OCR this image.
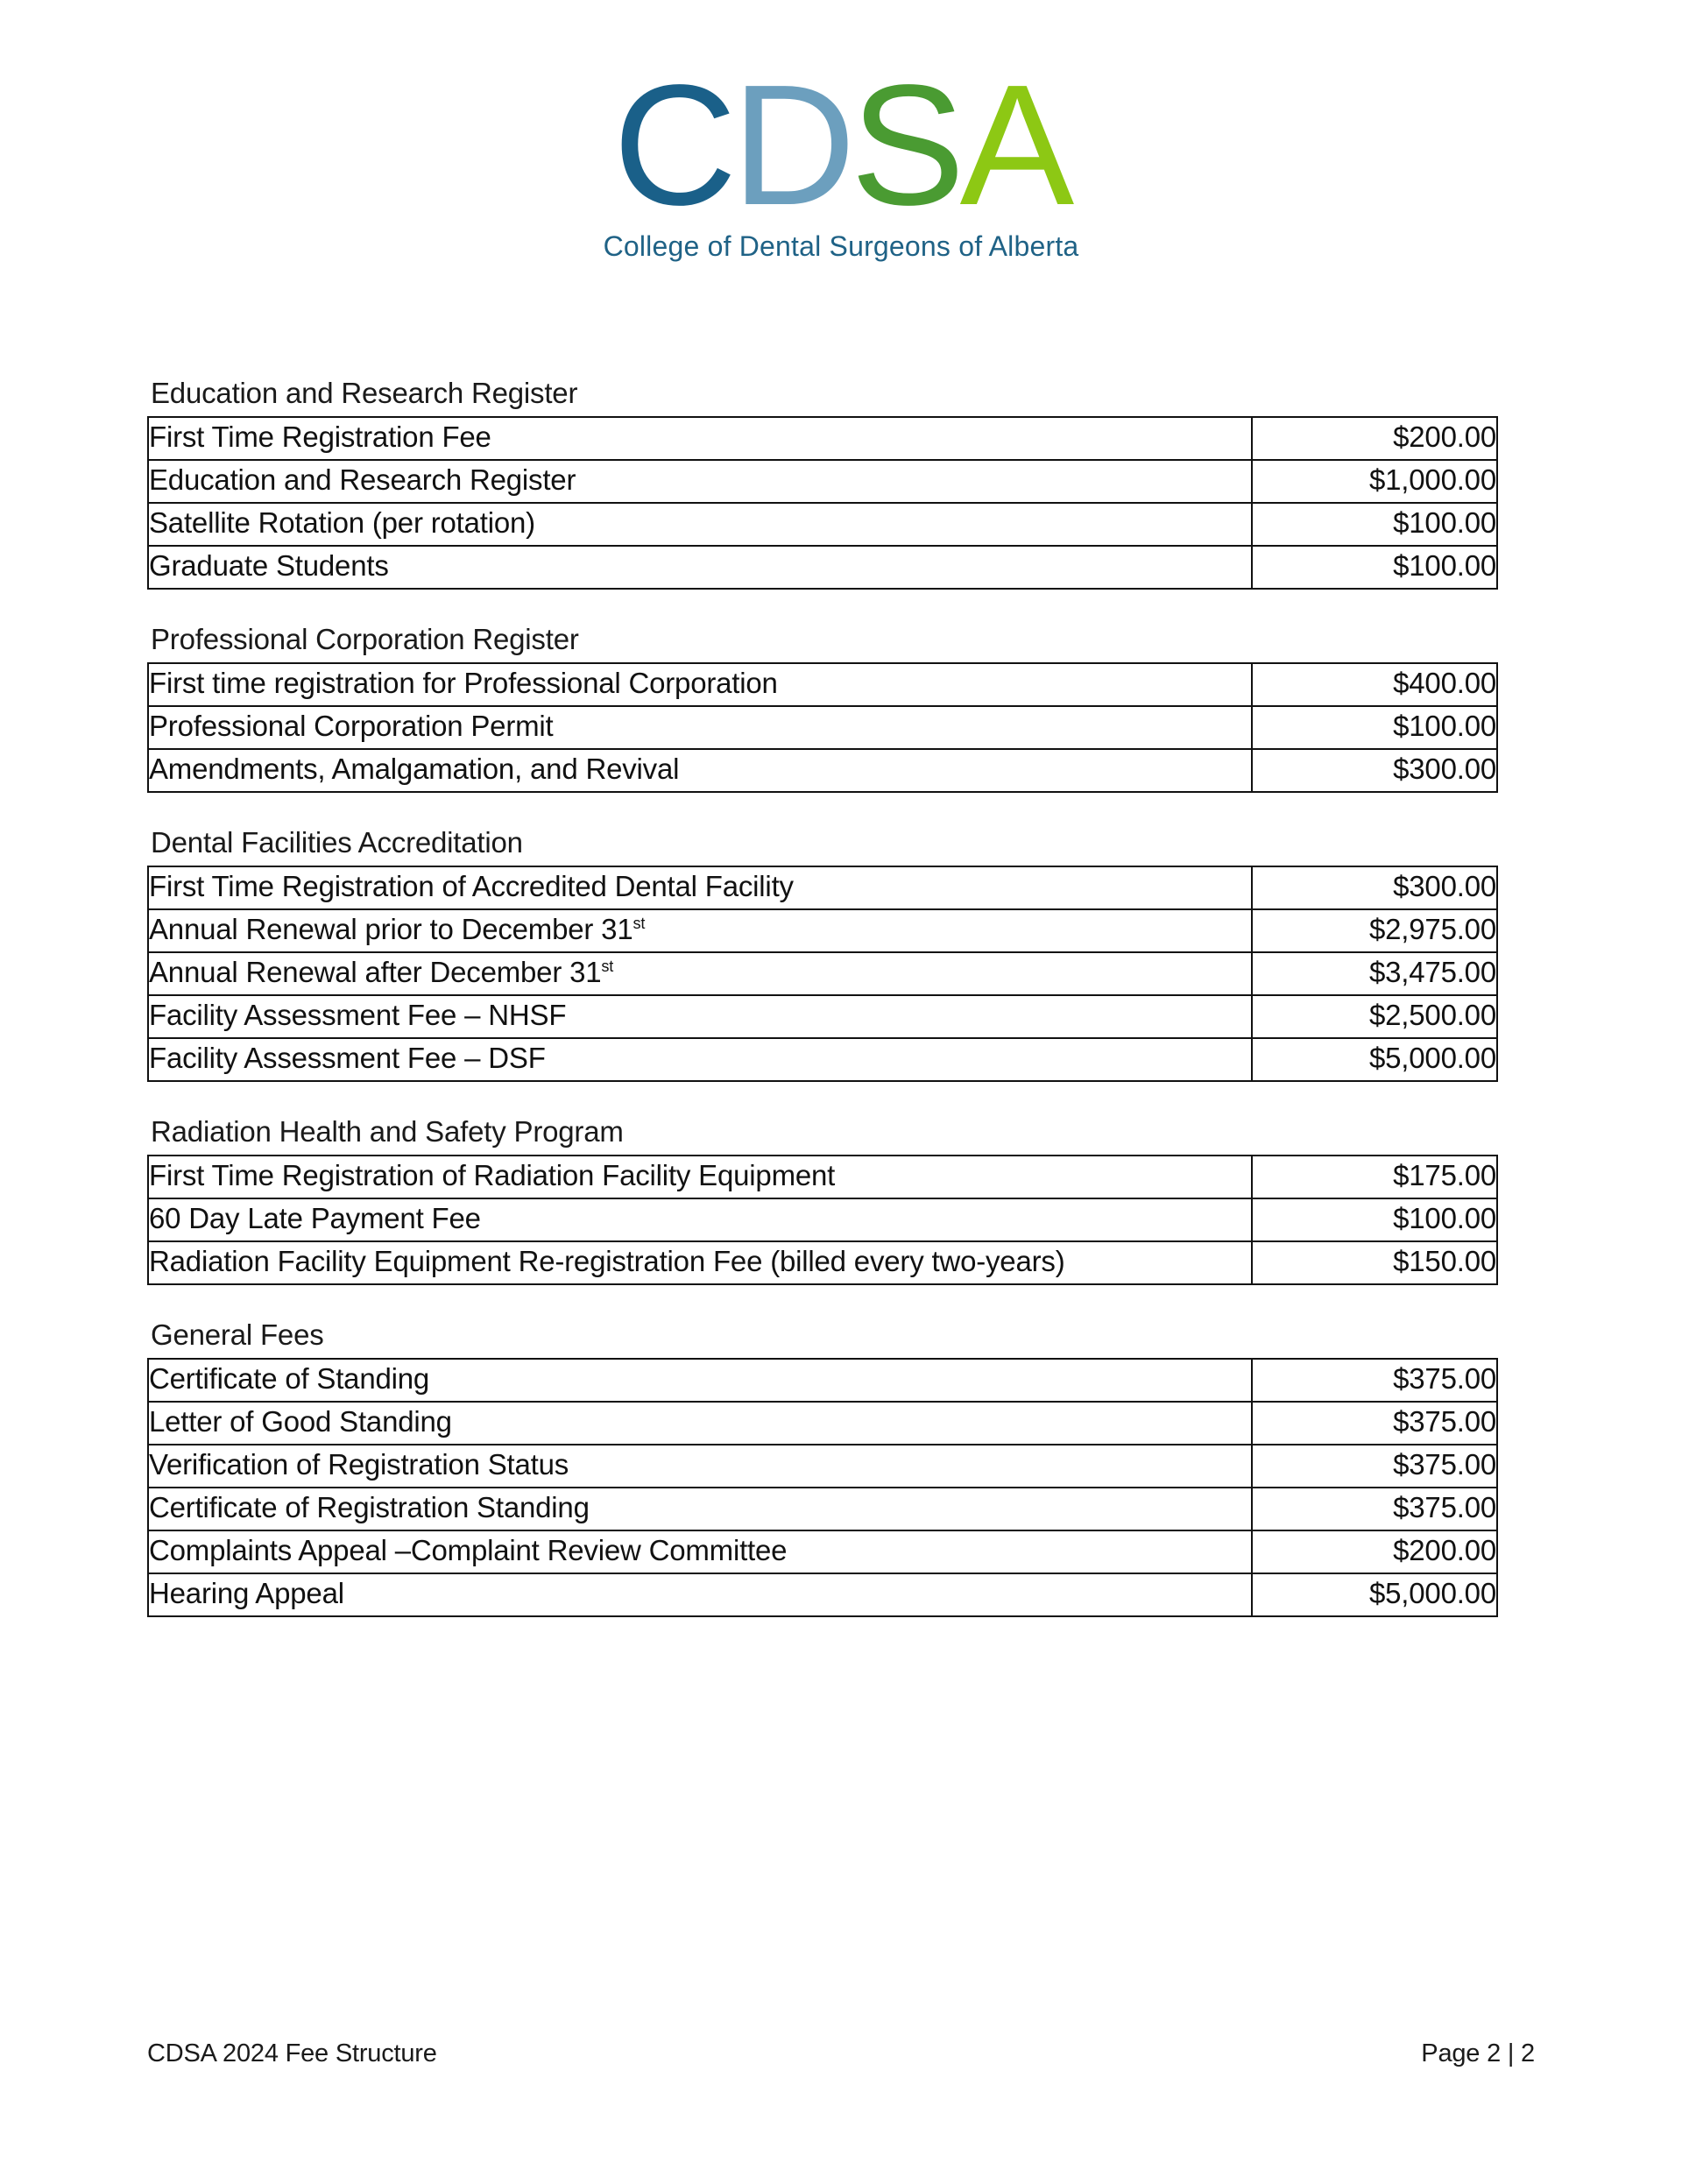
CDSA
College of Dental Surgeons of Alberta
Education and Research Register
First Time Registration Fee	$200.00
Education and Research Register	$1,000.00
Satellite Rotation (per rotation)	$100.00
Graduate Students	$100.00
Professional Corporation Register
First time registration for Professional Corporation	$400.00
Professional Corporation Permit	$100.00
Amendments, Amalgamation, and Revival	$300.00
Dental Facilities Accreditation
First Time Registration of Accredited Dental Facility	$300.00
Annual Renewal prior to December 31st	$2,975.00
Annual Renewal after December 31st	$3,475.00
Facility Assessment Fee – NHSF	$2,500.00
Facility Assessment Fee – DSF	$5,000.00
Radiation Health and Safety Program
First Time Registration of Radiation Facility Equipment	$175.00
60 Day Late Payment Fee	$100.00
Radiation Facility Equipment Re-registration Fee (billed every two-years)	$150.00
General Fees
Certificate of Standing	$375.00
Letter of Good Standing	$375.00
Verification of Registration Status	$375.00
Certificate of Registration Standing	$375.00
Complaints Appeal –Complaint Review Committee	$200.00
Hearing Appeal	$5,000.00
CDSA 2024 Fee Structure	Page 2 | 2
